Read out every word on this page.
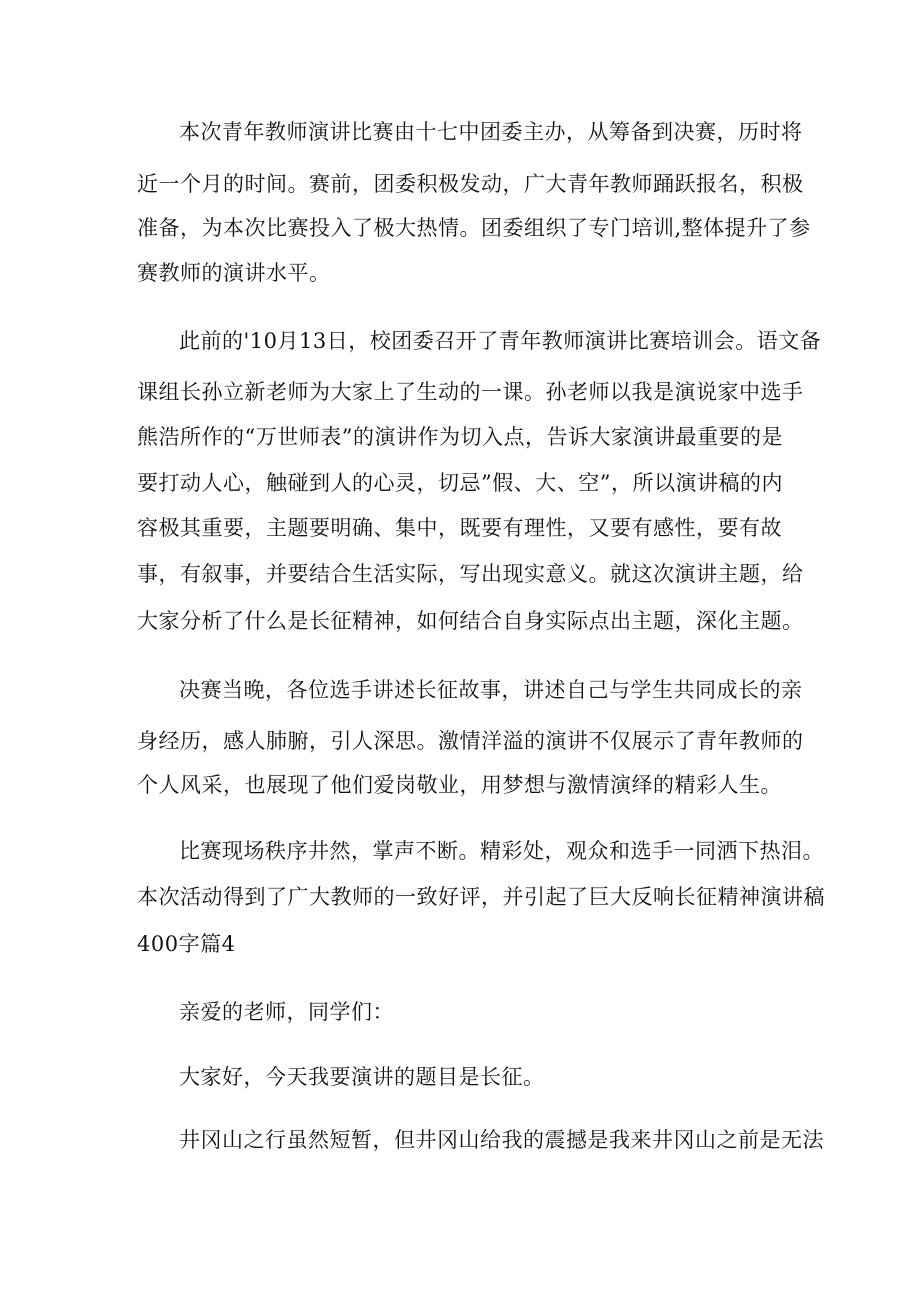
本次青年教师演讲比赛由十七中团委主办，从筹备到决赛，历时将
近一个月的时间。赛前，团委积极发动，广大青年教师踊跃报名，积极
准备，为本次比赛投入了极大热情。团委组织了专门培训,整体提升了参
赛教师的演讲水平。
此前的'10月13日，校团委召开了青年教师演讲比赛培训会。语文备
课组长孙立新老师为大家上了生动的一课。孙老师以我是演说家中选手
熊浩所作的“万世师表”的演讲作为切入点，告诉大家演讲最重要的是
要打动人心，触碰到人的心灵，切忌”假、大、空”，所以演讲稿的内
容极其重要，主题要明确、集中，既要有理性，又要有感性，要有故
事，有叙事，并要结合生活实际，写出现实意义。就这次演讲主题，给
大家分析了什么是长征精神，如何结合自身实际点出主题，深化主题。
决赛当晚，各位选手讲述长征故事，讲述自己与学生共同成长的亲
身经历，感人肺腑，引人深思。激情洋溢的演讲不仅展示了青年教师的
个人风采，也展现了他们爱岗敬业，用梦想与激情演绎的精彩人生。
比赛现场秩序井然，掌声不断。精彩处，观众和选手一同洒下热泪。
本次活动得到了广大教师的一致好评，并引起了巨大反响长征精神演讲稿
400字篇4
亲爱的老师，同学们：
大家好，今天我要演讲的题目是长征。
井冈山之行虽然短暂，但井冈山给我的震撼是我来井冈山之前是无法
